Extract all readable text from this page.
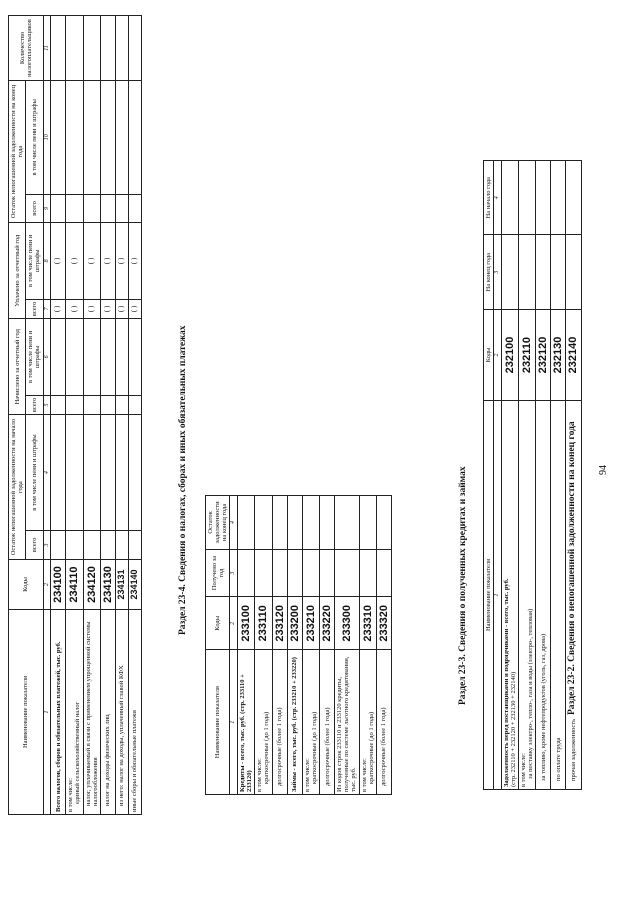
94
Раздел 23-2. Сведения о непогашенной задолженности на конец года
Наименование показателя	Коды	На конец года	На начало года
1	2	3	4
Задолженность перед поставщиками и подрядчиками - всего, тыс. руб.
(стр. 232110 + 232120 + 232130 + 232140)	232100		
в том числе:
за поставку электро-, тепло-, газа и воды (электро-, тепловая)	232110		
за топливо, кроме нефтепродуктов (уголь, газ, дрова)	232120		
по оплате труда	232130		
прочая задолженность	232140		
Раздел 23-3. Сведения о полученных кредитах и займах
Наименование показателя	Коды	Получено за год	Остаток задолженности на конец года
1	2	3	4
Кредиты - всего, тыс. руб. (стр. 233110 + 233120)	233100		
в том числе:
краткосрочные (до 1 года)	233110		
долгосрочные (более 1 года)	233120		
Займы - всего, тыс. руб. (стр. 233210 + 233220)	233200		
в том числе:
краткосрочные (до 1 года)	233210		
долгосрочные (более 1 года)	233220		
Из кодов строк 233110 и 233120 кредиты, полученные по системе льготного кредитования, тыс. руб.	233300		
в том числе:
краткосрочные (до 1 года)	233310		
долгосрочные (более 1 года)	233320		
Раздел 23-4. Сведения о налогах, сборах и иных обязательных платежах
Наименование показателя	Коды	Остаток непогашенной задолженности на начало года		Начислено за отчетный год		Уплачено за отчетный год		Остаток непогашенной задолженности на конец года		Количество налогоплательщиков
		всего	в том числе пени и штрафы	всего	в том числе пени и штрафы	всего	в том числе пени и штрафы	всего	в том числе пени и штрафы	
1	2	3	4	5	6	7	8	9	10	11
Всего налогов, сборов и обязательных платежей, тыс. руб.	234100					( )	( )			
в том числе:
единый сельскохозяйственный налог	234110					( )	( )			
налог, уплачиваемый в связи с применением упрощенной системы налогообложения	234120					( )	( )			
налог на доходы физических лиц	234130					( )	( )			
из него: налог на доходы, уплаченный главой КФХ	234131					( )	( )			
иные сборы и обязательные платежи	234140					( )	( )			
